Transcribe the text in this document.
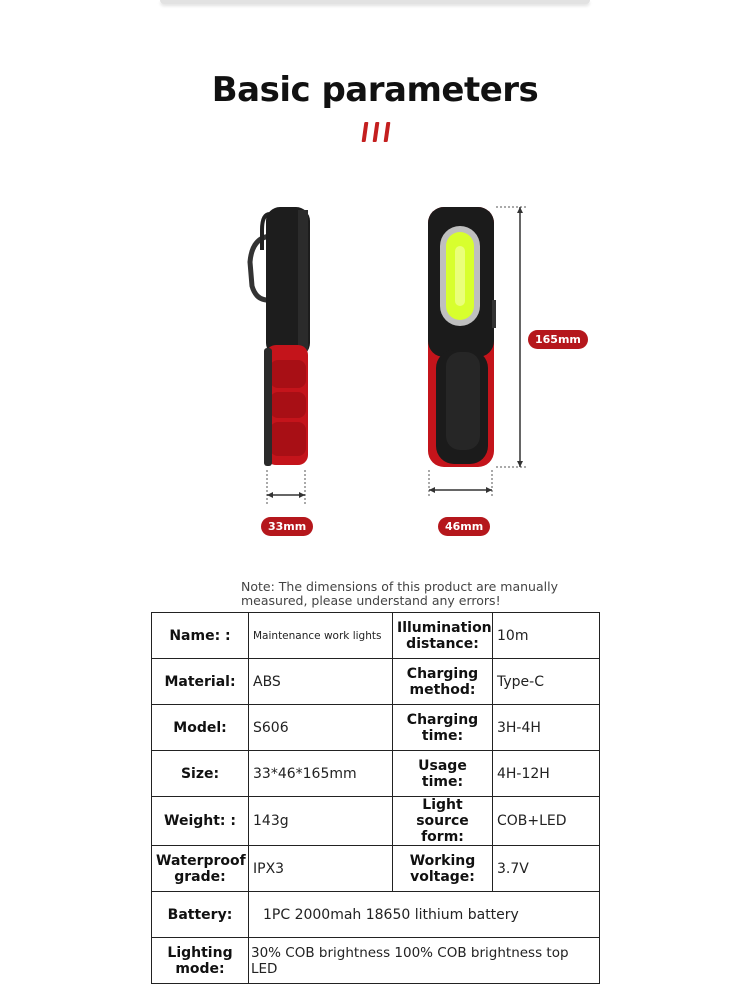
Basic parameters
165mm
33mm	46mm
Note: The dimensions of this product are manually measured, please understand any errors!
Name: :	Maintenance work lights	Illumination distance:	10m
Material:	ABS	Charging method:	Type-C
Model:	S606	Charging time:	3H-4H
Size:	33*46*165mm	Usage time:	4H-12H
Weight: :	143g	Light source form:	COB+LED
Waterproof grade:	IPX3	Working voltage:	3.7V
Battery:	1PC 2000mah 18650 lithium battery		
Lighting mode:	30% COB brightness 100% COB brightness top LED		
